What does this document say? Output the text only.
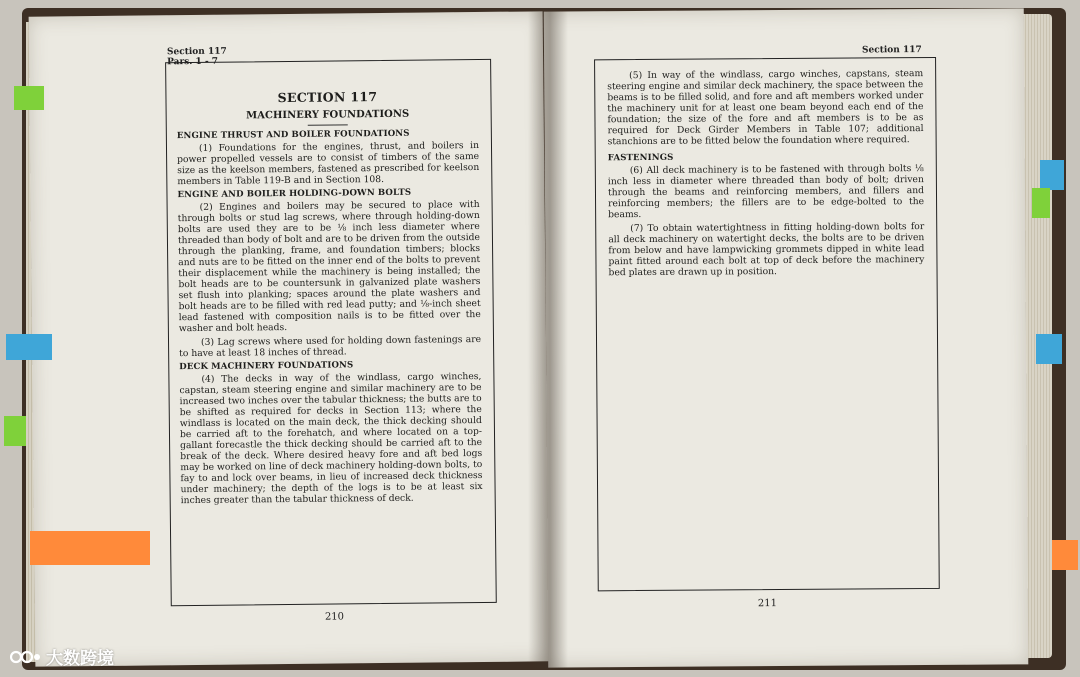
Section 117
Pars. 1 - 7
SECTION 117
MACHINERY FOUNDATIONS
ENGINE THRUST AND BOILER FOUNDATIONS

(1) Foundations for the engines, thrust, and boilers in power propelled vessels are to consist of timbers of the same size as the keelson members, fastened as prescribed for keelson members in Table 119-B and in Section 108.

ENGINE AND BOILER HOLDING-DOWN BOLTS

(2) Engines and boilers may be secured to place with through bolts or stud lag screws, where through holding-down bolts are used they are to be ⅛ inch less diameter where threaded than body of bolt and are to be driven from the outside through the planking, frame, and foundation timbers; blocks and nuts are to be fitted on the inner end of the bolts to prevent their displacement while the machinery is being installed; the bolt heads are to be countersunk in galvanized plate washers set flush into planking; spaces around the plate washers and bolt heads are to be filled with red lead putty; and ⅛-inch sheet lead fastened with composition nails is to be fitted over the washer and bolt heads.

(3) Lag screws where used for holding down fastenings are to have at least 18 inches of thread.

DECK MACHINERY FOUNDATIONS

(4) The decks in way of the windlass, cargo winches, capstan, steam steering engine and similar machinery are to be increased two inches over the tabular thickness; the butts are to be shifted as required for decks in Section 113; where the windlass is located on the main deck, the thick decking should be carried aft to the forehatch, and where located on a top-gallant forecastle the thick decking should be carried aft to the break of the deck. Where desired heavy fore and aft bed logs may be worked on line of deck machinery holding-down bolts, to fay to and lock over beams, in lieu of increased deck thickness under machinery; the depth of the logs is to be at least six inches greater than the tabular thickness of deck.

210
Section 117

(5) In way of the windlass, cargo winches, capstans, steam steering engine and similar deck machinery, the space between the beams is to be filled solid, and fore and aft members worked under the machinery unit for at least one beam beyond each end of the foundation; the size of the fore and aft members is to be as required for Deck Girder Members in Table 107; additional stanchions are to be fitted below the foundation where required.

FASTENINGS

(6) All deck machinery is to be fastened with through bolts ⅛ inch less in diameter where threaded than body of bolt; driven through the beams and reinforcing members, and fillers and reinforcing members; the fillers are to be edge-bolted to the beams.

(7) To obtain watertightness in fitting holding-down bolts for all deck machinery on watertight decks, the bolts are to be driven from below and have lampwicking grommets dipped in white lead paint fitted around each bolt at top of deck before the machinery bed plates are drawn up in position.

211
大数跨境
